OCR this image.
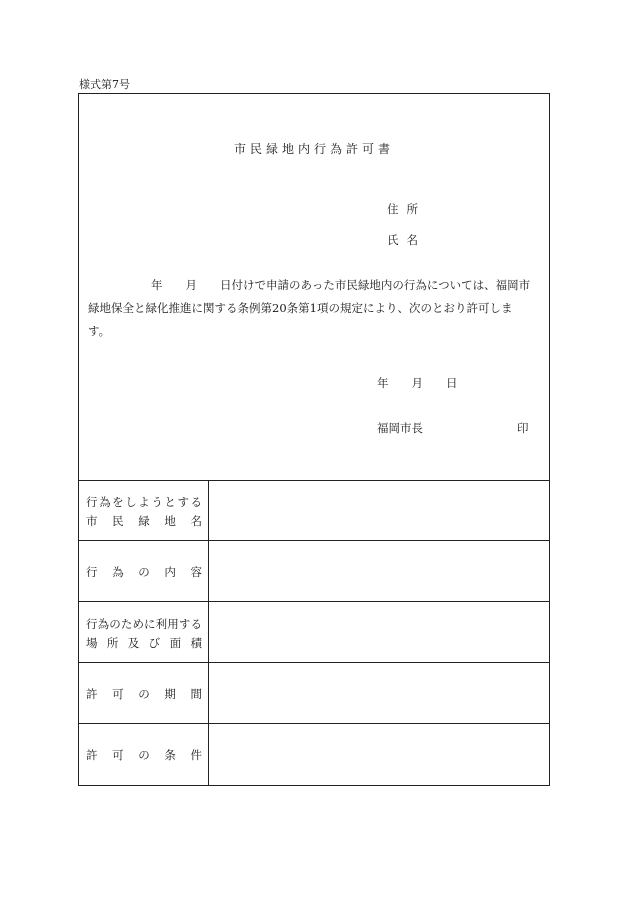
様式第7号
市民緑地内行為許可書
住所
氏名
年　　月　　日付けで申請のあった市民緑地内の行為については、福岡市
緑地保全と緑化推進に関する条例第20条第1項の規定により、次のとおり許可しま
す。
年　　月　　日
福岡市長	印
行 為 を し よ う と す る
市 民 緑 地 名
行 為 の 内 容
行 為 の た め に 利 用 す る
場 所 及 び 面 積
許 可 の 期 間
許 可 の 条 件
